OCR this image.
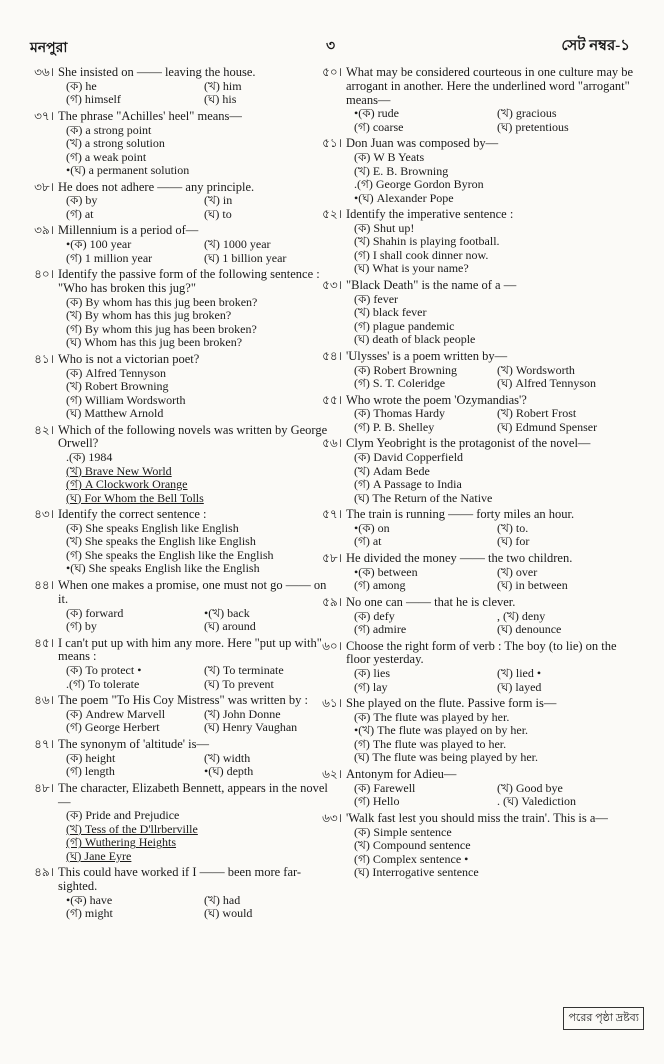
মনপুরা	৩	সেট নম্বর-১
৩৬। She insisted on —— leaving the house.
(ক) he	(খ) him
(গ) himself	(ঘ) his
৩৭। The phrase "Achilles' heel" means—
(ক) a strong point
(খ) a strong solution
(গ) a weak point
•(ঘ) a permanent solution
৩৮। He does not adhere —— any principle.
(ক) by	(খ) in
(গ) at	(ঘ) to
৩৯। Millennium is a period of—
•(ক) 100 year	(খ) 1000 year
(গ) 1 million year	(ঘ) 1 billion year
৪০। Identify the passive form of the following sentence : "Who has broken this jug?"
(ক) By whom has this jug been broken?
(খ) By whom has this jug broken?
(গ) By whom this jug has been broken?
(ঘ) Whom has this jug been broken?
৪১। Who is not a victorian poet?
(ক) Alfred Tennyson
(খ) Robert Browning
(গ) William Wordsworth
(ঘ) Matthew Arnold
৪২। Which of the following novels was written by George Orwell?
.(ক) 1984
(খ) Brave New World
(গ) A Clockwork Orange
(ঘ) For Whom the Bell Tolls
৪৩। Identify the correct sentence :
(ক) She speaks English like English
(খ) She speaks the English like English
(গ) She speaks the English like the English
•(ঘ) She speaks English like the English
৪৪। When one makes a promise, one must not go —— on it.
(ক) forward	•(খ) back
(গ) by	(ঘ) around
৪৫। I can't put up with him any more. Here "put up with" means :
(ক) To protect •	(খ) To terminate
.(গ) To tolerate	(ঘ) To prevent
৪৬। The poem "To His Coy Mistress" was written by :
(ক) Andrew Marvell	(খ) John Donne
(গ) George Herbert	(ঘ) Henry Vaughan
৪৭। The synonym of 'altitude' is—
(ক) height	(খ) width
(গ) length	•(ঘ) depth
৪৮। The character, Elizabeth Bennett, appears in the novel—
(ক) Pride and Prejudice
(খ) Tess of the D'llrberville
(গ) Wuthering Heights
(ঘ) Jane Eyre
৪৯। This could have worked if I —— been more far-sighted.
•(ক) have	(খ) had
(গ) might	(ঘ) would
৫০। What may be considered courteous in one culture may be arrogant in another. Here the underlined word "arrogant" means—
•(ক) rude	(খ) gracious
(গ) coarse	(ঘ) pretentious
৫১। Don Juan was composed by—
(ক) W B Yeats
(খ) E. B. Browning
.(গ) George Gordon Byron
•(ঘ) Alexander Pope
৫২। Identify the imperative sentence :
(ক) Shut up!
(খ) Shahin is playing football.
(গ) I shall cook dinner now.
(ঘ) What is your name?
৫৩। "Black Death" is the name of a —
(ক) fever
(খ) black fever
(গ) plague pandemic
(ঘ) death of black people
৫৪। 'Ulysses' is a poem written by—
(ক) Robert Browning	(খ) Wordsworth
(গ) S. T. Coleridge	(ঘ) Alfred Tennyson
৫৫। Who wrote the poem 'Ozymandias'?
(ক) Thomas Hardy	(খ) Robert Frost
(গ) P. B. Shelley	(ঘ) Edmund Spenser
৫৬। Clym Yeobright is the protagonist of the novel—
(ক) David Copperfield
(খ) Adam Bede
(গ) A Passage to India
(ঘ) The Return of the Native
৫৭। The train is running —— forty miles an hour.
•(ক) on	(খ) to.
(গ) at	(ঘ) for
৫৮। He divided the money —— the two children.
•(ক) between	(খ) over
(গ) among	(ঘ) in between
৫৯। No one can —— that he is clever.
(ক) defy	, (খ) deny
(গ) admire	(ঘ) denounce
৬০। Choose the right form of verb : The boy (to lie) on the floor yesterday.
(ক) lies	(খ) lied •
(গ) lay	(ঘ) layed
৬১। She played on the flute. Passive form is—
(ক) The flute was played by her.
•(খ) The flute was played on by her.
(গ) The flute was played to her.
(ঘ) The flute was being played by her.
৬২। Antonym for Adieu—
(ক) Farewell	(খ) Good bye
(গ) Hello	. (ঘ) Valediction
৬৩। 'Walk fast lest you should miss the train'. This is a—
(ক) Simple sentence
(খ) Compound sentence
(গ) Complex sentence •
(ঘ) Interrogative sentence
পরের পৃষ্ঠা দ্রষ্টব্য
